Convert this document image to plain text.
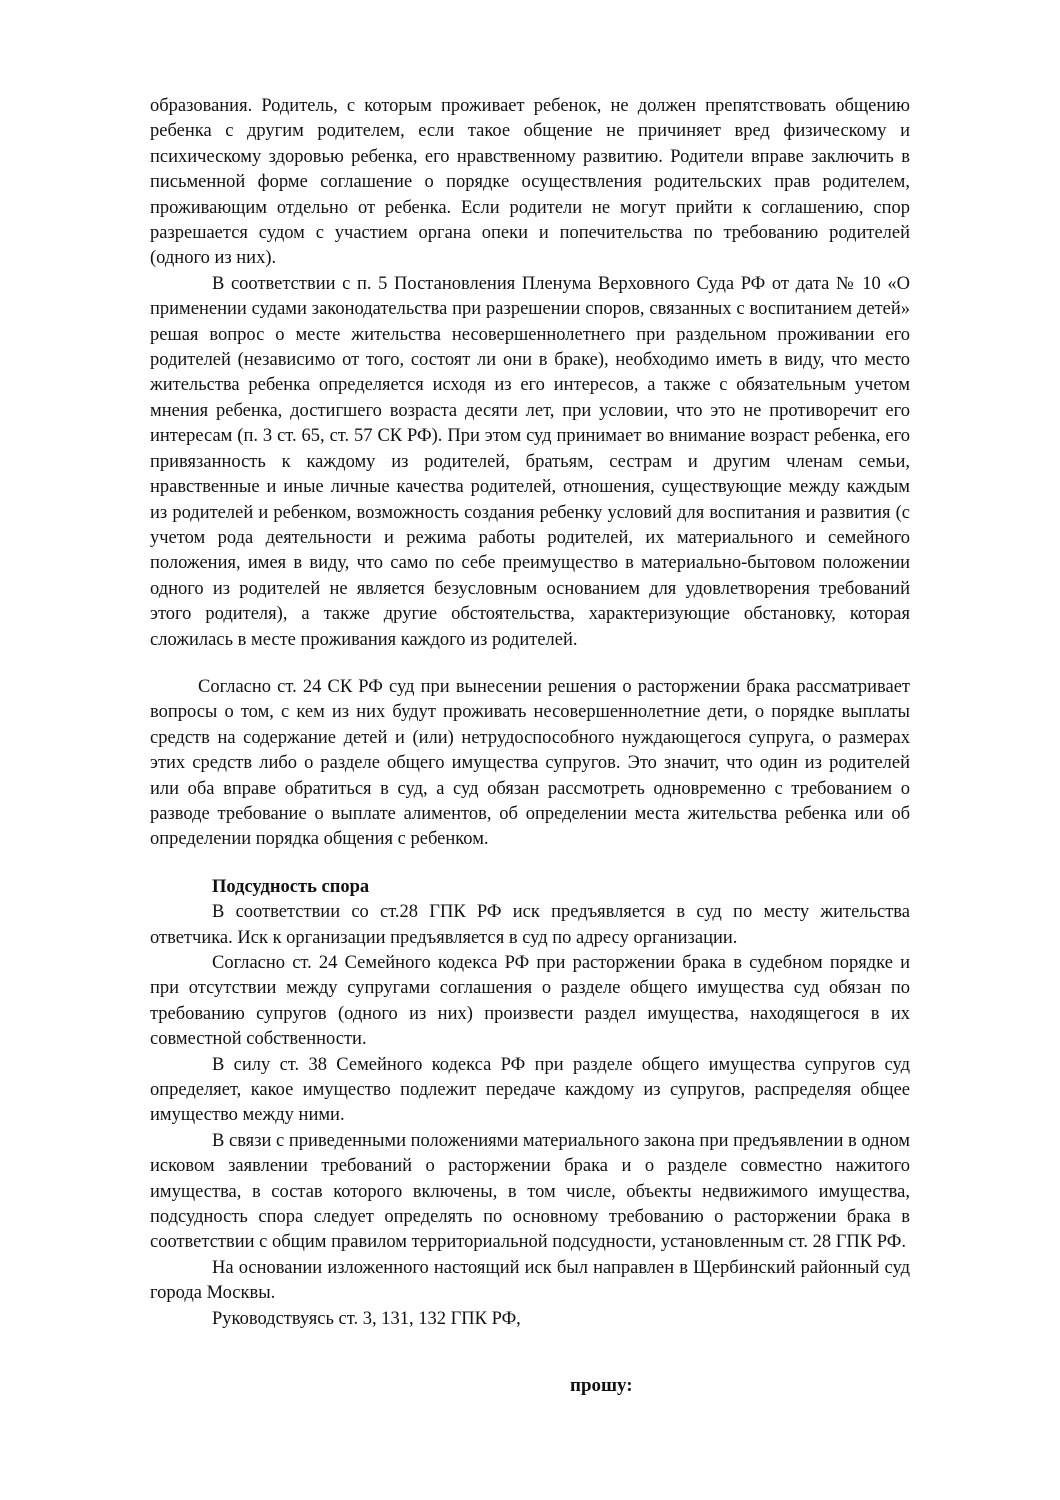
образования. Родитель, с которым проживает ребенок, не должен препятствовать общению ребенка с другим родителем, если такое общение не причиняет вред физическому и психическому здоровью ребенка, его нравственному развитию. Родители вправе заключить в письменной форме соглашение о порядке осуществления родительских прав родителем, проживающим отдельно от ребенка. Если родители не могут прийти к соглашению, спор разрешается судом с участием органа опеки и попечительства по требованию родителей (одного из них).

В соответствии с п. 5 Постановления Пленума Верховного Суда РФ от дата № 10 «О применении судами законодательства при разрешении споров, связанных с воспитанием детей» решая вопрос о месте жительства несовершеннолетнего при раздельном проживании его родителей (независимо от того, состоят ли они в браке), необходимо иметь в виду, что место жительства ребенка определяется исходя из его интересов, а также с обязательным учетом мнения ребенка, достигшего возраста десяти лет, при условии, что это не противоречит его интересам (п. 3 ст. 65, ст. 57 СК РФ). При этом суд принимает во внимание возраст ребенка, его привязанность к каждому из родителей, братьям, сестрам и другим членам семьи, нравственные и иные личные качества родителей, отношения, существующие между каждым из родителей и ребенком, возможность создания ребенку условий для воспитания и развития (с учетом рода деятельности и режима работы родителей, их материального и семейного положения, имея в виду, что само по себе преимущество в материально-бытовом положении одного из родителей не является безусловным основанием для удовлетворения требований этого родителя), а также другие обстоятельства, характеризующие обстановку, которая сложилась в месте проживания каждого из родителей.

Согласно ст. 24 СК РФ суд при вынесении решения о расторжении брака рассматривает вопросы о том, с кем из них будут проживать несовершеннолетние дети, о порядке выплаты средств на содержание детей и (или) нетрудоспособного нуждающегося супруга, о размерах этих средств либо о разделе общего имущества супругов. Это значит, что один из родителей или оба вправе обратиться в суд, а суд обязан рассмотреть одновременно с требованием о разводе требование о выплате алиментов, об определении места жительства ребенка или об определении порядка общения с ребенком.

Подсудность спора

В соответствии со ст.28 ГПК РФ иск предъявляется в суд по месту жительства ответчика. Иск к организации предъявляется в суд по адресу организации.

Согласно ст. 24 Семейного кодекса РФ при расторжении брака в судебном порядке и при отсутствии между супругами соглашения о разделе общего имущества суд обязан по требованию супругов (одного из них) произвести раздел имущества, находящегося в их совместной собственности.

В силу ст. 38 Семейного кодекса РФ при разделе общего имущества супругов суд определяет, какое имущество подлежит передаче каждому из супругов, распределяя общее имущество между ними.

В связи с приведенными положениями материального закона при предъявлении в одном исковом заявлении требований о расторжении брака и о разделе совместно нажитого имущества, в состав которого включены, в том числе, объекты недвижимого имущества, подсудность спора следует определять по основному требованию о расторжении брака в соответствии с общим правилом территориальной подсудности, установленным ст. 28 ГПК РФ.

На основании изложенного настоящий иск был направлен в Щербинский районный суд города Москвы.

Руководствуясь ст. 3, 131, 132 ГПК РФ,

прошу:
